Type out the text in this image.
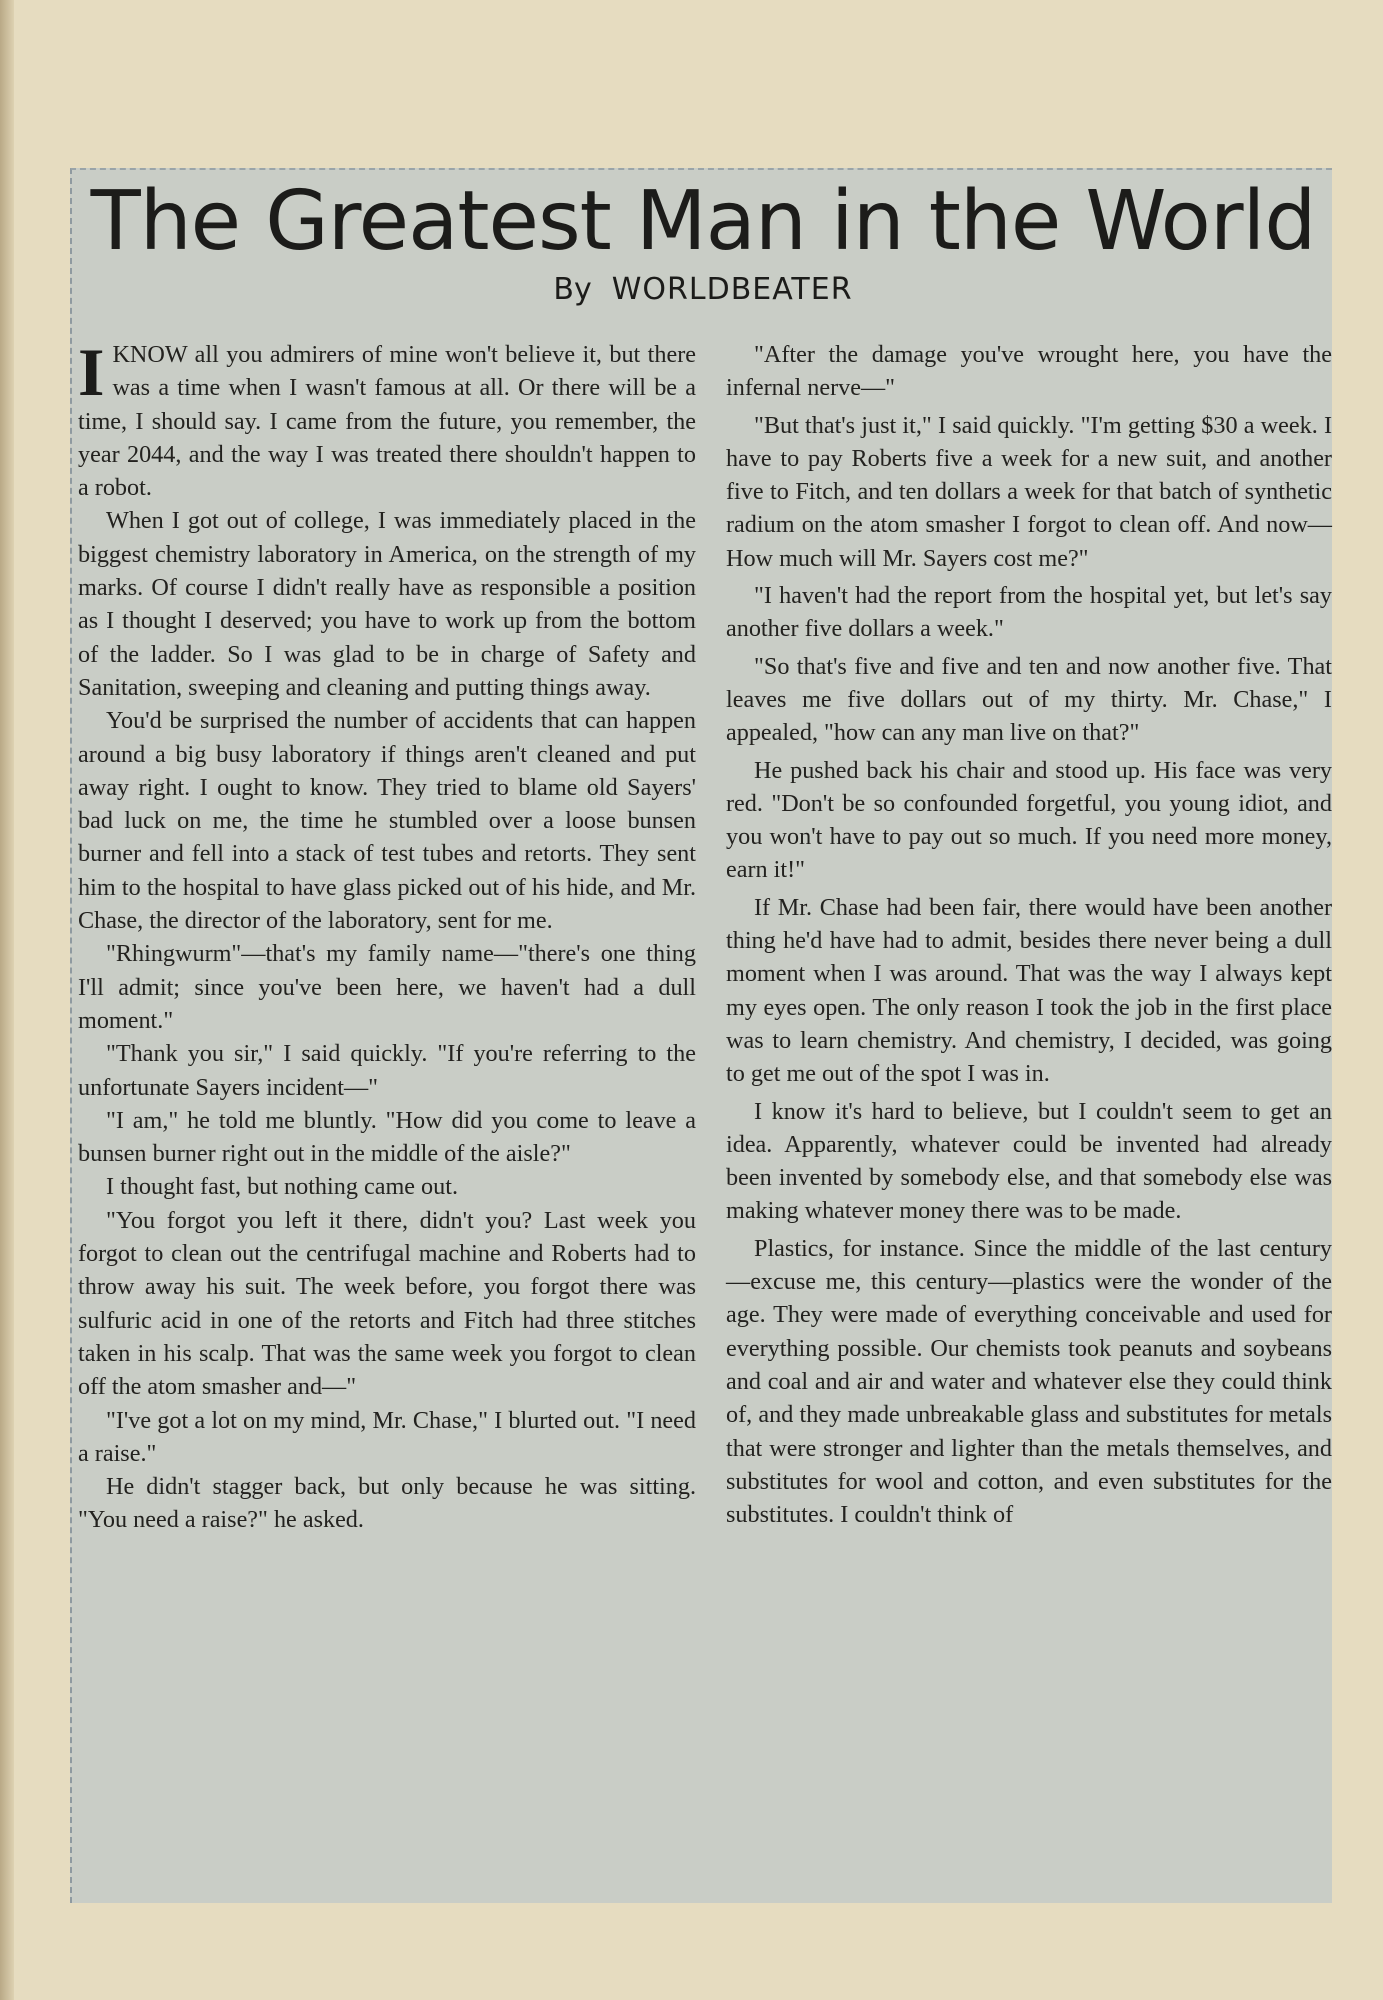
The Greatest Man in the World
By WORLDBEATER

I KNOW all you admirers of mine won't believe it, but there was a time when I wasn't famous at all. Or there will be a time, I should say. I came from the future, you remember, the year 2044, and the way I was treated there shouldn't happen to a robot.

When I got out of college, I was immediately placed in the biggest chemistry laboratory in America, on the strength of my marks. Of course I didn't really have as responsible a position as I thought I deserved; you have to work up from the bottom of the ladder. So I was glad to be in charge of Safety and Sanitation, sweeping and cleaning and putting things away.

You'd be surprised the number of accidents that can happen around a big busy laboratory if things aren't cleaned and put away right. I ought to know. They tried to blame old Sayers' bad luck on me, the time he stumbled over a loose bunsen burner and fell into a stack of test tubes and retorts. They sent him to the hospital to have glass picked out of his hide, and Mr. Chase, the director of the laboratory, sent for me.

"Rhingwurm"—that's my family name—"there's one thing I'll admit; since you've been here, we haven't had a dull moment."

"Thank you sir," I said quickly. "If you're referring to the unfortunate Sayers incident—"

"I am," he told me bluntly. "How did you come to leave a bunsen burner right out in the middle of the aisle?"

I thought fast, but nothing came out.

"You forgot you left it there, didn't you? Last week you forgot to clean out the centrifugal machine and Roberts had to throw away his suit. The week before, you forgot there was sulfuric acid in one of the retorts and Fitch had three stitches taken in his scalp. That was the same week you forgot to clean off the atom smasher and—"

"I've got a lot on my mind, Mr. Chase," I blurted out. "I need a raise."

He didn't stagger back, but only because he was sitting. "You need a raise?" he asked.

"After the damage you've wrought here, you have the infernal nerve—"

"But that's just it," I said quickly. "I'm getting $30 a week. I have to pay Roberts five a week for a new suit, and another five to Fitch, and ten dollars a week for that batch of synthetic radium on the atom smasher I forgot to clean off. And now— How much will Mr. Sayers cost me?"

"I haven't had the report from the hospital yet, but let's say another five dollars a week."

"So that's five and five and ten and now another five. That leaves me five dollars out of my thirty. Mr. Chase," I appealed, "how can any man live on that?"

He pushed back his chair and stood up. His face was very red. "Don't be so confounded forgetful, you young idiot, and you won't have to pay out so much. If you need more money, earn it!"

If Mr. Chase had been fair, there would have been another thing he'd have had to admit, besides there never being a dull moment when I was around. That was the way I always kept my eyes open. The only reason I took the job in the first place was to learn chemistry. And chemistry, I decided, was going to get me out of the spot I was in.

I know it's hard to believe, but I couldn't seem to get an idea. Apparently, whatever could be invented had already been invented by somebody else, and that somebody else was making whatever money there was to be made.

Plastics, for instance. Since the middle of the last century—excuse me, this century—plastics were the wonder of the age. They were made of everything conceivable and used for everything possible. Our chemists took peanuts and soybeans and coal and air and water and whatever else they could think of, and they made unbreakable glass and substitutes for metals that were stronger and lighter than the metals themselves, and substitutes for wool and cotton, and even substitutes for the substitutes. I couldn't think of
